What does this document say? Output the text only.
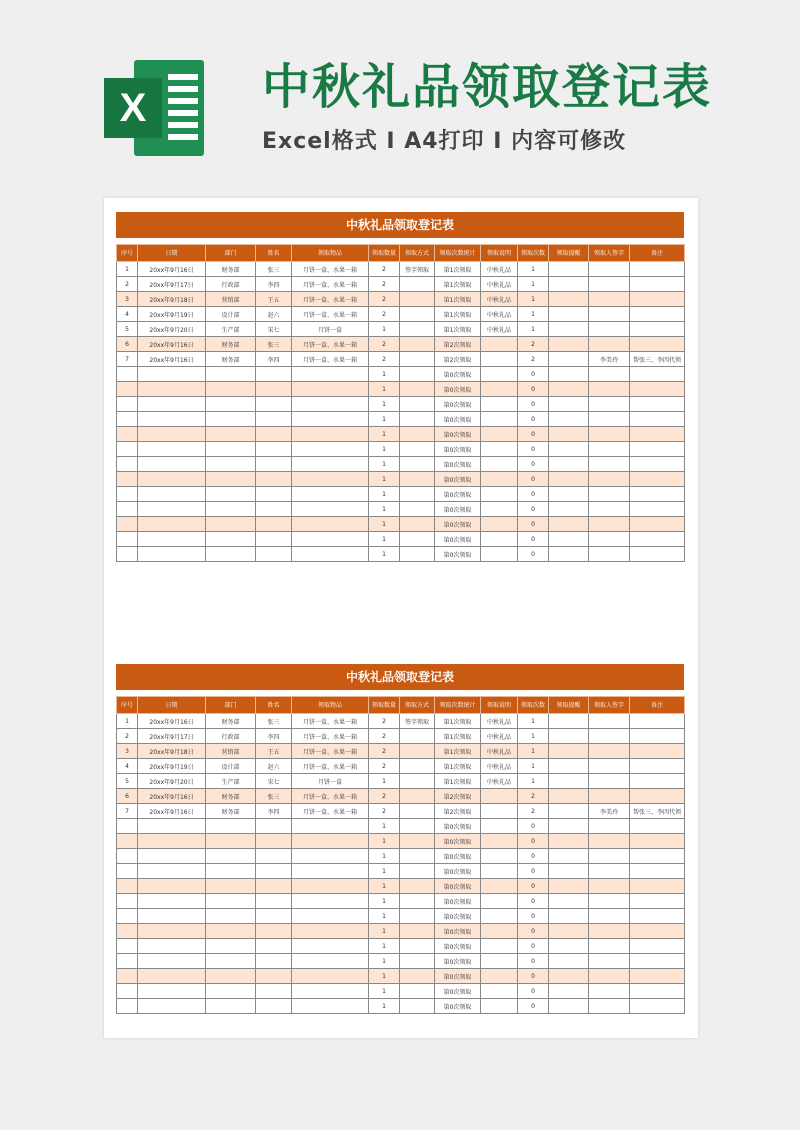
X	中秋礼品领取登记表
Excel格式 I A4打印 I 内容可修改
中秋礼品领取登记表
序号	日期	部门	姓名	领取物品	领取数量	领取方式	领取次数统计	领取说明	领取次数	领取提醒	领取人签字	备注
1	20xx年9月16日	财务部	张三	月饼一盒、水果一箱	2	签字领取	第1次领取	中秋礼品	1			
2	20xx年9月17日	行政部	李四	月饼一盒、水果一箱	2		第1次领取	中秋礼品	1			
3	20xx年9月18日	营销部	王五	月饼一盒、水果一箱	2		第1次领取	中秋礼品	1			
4	20xx年9月19日	设计部	赵六	月饼一盒、水果一箱	2		第1次领取	中秋礼品	1			
5	20xx年9月20日	生产部	宋七	月饼一盒	1		第1次领取	中秋礼品	1			
6	20xx年9月16日	财务部	张三	月饼一盒、水果一箱	2		第2次领取		2			
7	20xx年9月16日	财务部	李四	月饼一盒、水果一箱	2		第2次领取		2		李美玲	帮张三、李四代领
					1		第0次领取		0			
					1		第0次领取		0			
					1		第0次领取		0			
					1		第0次领取		0			
					1		第0次领取		0			
					1		第0次领取		0			
					1		第0次领取		0			
					1		第0次领取		0			
					1		第0次领取		0			
					1		第0次领取		0			
					1		第0次领取		0			
					1		第0次领取		0			
					1		第0次领取		0			
中秋礼品领取登记表
序号	日期	部门	姓名	领取物品	领取数量	领取方式	领取次数统计	领取说明	领取次数	领取提醒	领取人签字	备注
1	20xx年9月16日	财务部	张三	月饼一盒、水果一箱	2	签字领取	第1次领取	中秋礼品	1			
2	20xx年9月17日	行政部	李四	月饼一盒、水果一箱	2		第1次领取	中秋礼品	1			
3	20xx年9月18日	营销部	王五	月饼一盒、水果一箱	2		第1次领取	中秋礼品	1			
4	20xx年9月19日	设计部	赵六	月饼一盒、水果一箱	2		第1次领取	中秋礼品	1			
5	20xx年9月20日	生产部	宋七	月饼一盒	1		第1次领取	中秋礼品	1			
6	20xx年9月16日	财务部	张三	月饼一盒、水果一箱	2		第2次领取		2			
7	20xx年9月16日	财务部	李四	月饼一盒、水果一箱	2		第2次领取		2		李美玲	帮张三、李四代领
					1		第0次领取		0			
					1		第0次领取		0			
					1		第0次领取		0			
					1		第0次领取		0			
					1		第0次领取		0			
					1		第0次领取		0			
					1		第0次领取		0			
					1		第0次领取		0			
					1		第0次领取		0			
					1		第0次领取		0			
					1		第0次领取		0			
					1		第0次领取		0			
					1		第0次领取		0			
